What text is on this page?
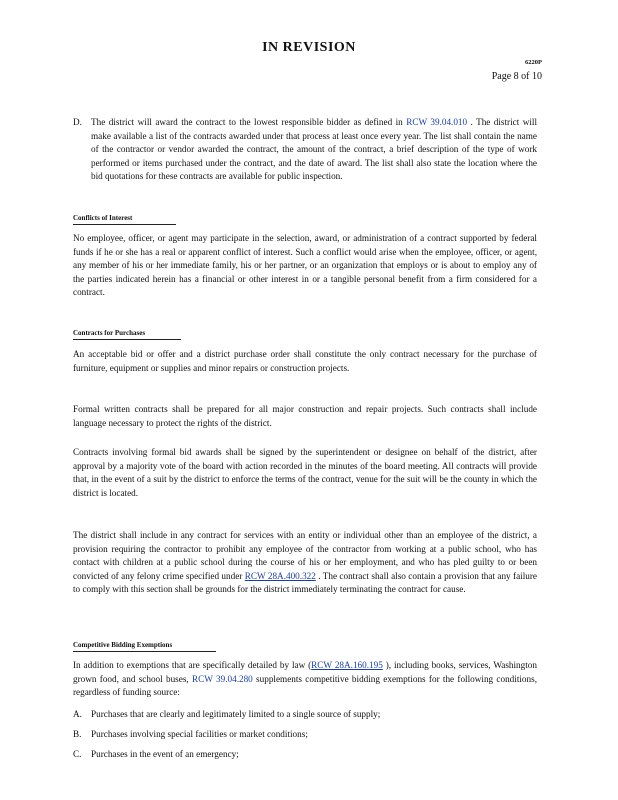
IN REVISION
6220P
Page 8 of 10
D. The district will award the contract to the lowest responsible bidder as defined in RCW 39.04.010 . The district will make available a list of the contracts awarded under that process at least once every year. The list shall contain the name of the contractor or vendor awarded the contract, the amount of the contract, a brief description of the type of work performed or items purchased under the contract, and the date of award. The list shall also state the location where the bid quotations for these contracts are available for public inspection.
Conflicts of Interest
No employee, officer, or agent may participate in the selection, award, or administration of a contract supported by federal funds if he or she has a real or apparent conflict of interest. Such a conflict would arise when the employee, officer, or agent, any member of his or her immediate family, his or her partner, or an organization that employs or is about to employ any of the parties indicated herein has a financial or other interest in or a tangible personal benefit from a firm considered for a contract.
Contracts for Purchases
An acceptable bid or offer and a district purchase order shall constitute the only contract necessary for the purchase of furniture, equipment or supplies and minor repairs or construction projects.
Formal written contracts shall be prepared for all major construction and repair projects. Such contracts shall include language necessary to protect the rights of the district.
Contracts involving formal bid awards shall be signed by the superintendent or designee on behalf of the district, after approval by a majority vote of the board with action recorded in the minutes of the board meeting. All contracts will provide that, in the event of a suit by the district to enforce the terms of the contract, venue for the suit will be the county in which the district is located.
The district shall include in any contract for services with an entity or individual other than an employee of the district, a provision requiring the contractor to prohibit any employee of the contractor from working at a public school, who has contact with children at a public school during the course of his or her employment, and who has pled guilty to or been convicted of any felony crime specified under RCW 28A.400.322 . The contract shall also contain a provision that any failure to comply with this section shall be grounds for the district immediately terminating the contract for cause.
Competitive Bidding Exemptions
In addition to exemptions that are specifically detailed by law (RCW 28A.160.195 ), including books, services, Washington grown food, and school buses, RCW 39.04.280 supplements competitive bidding exemptions for the following conditions, regardless of funding source:
A. Purchases that are clearly and legitimately limited to a single source of supply;
B. Purchases involving special facilities or market conditions;
C. Purchases in the event of an emergency;
